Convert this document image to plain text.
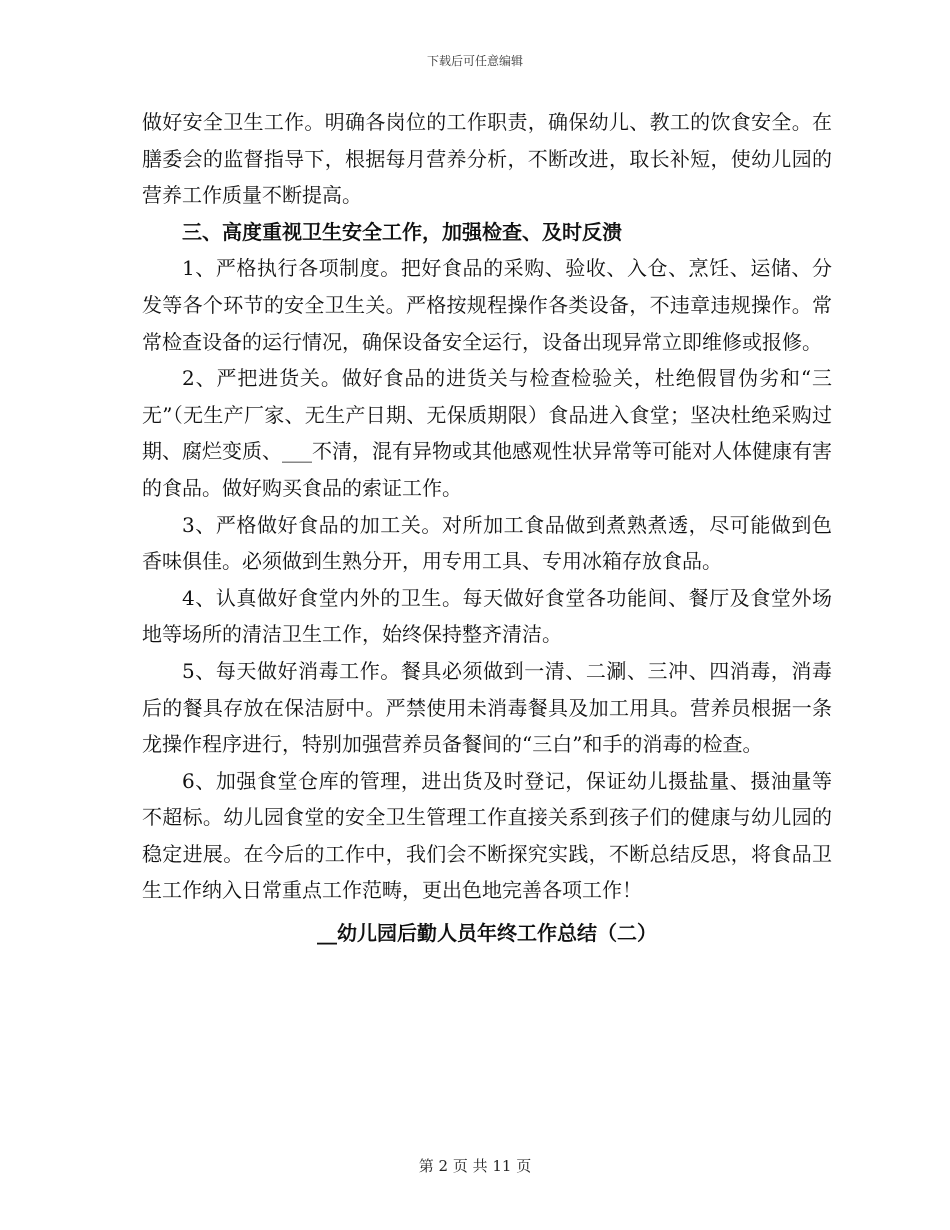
下载后可任意编辑

做好安全卫生工作。明确各岗位的工作职责，确保幼儿、教工的饮食安全。在膳委会的监督指导下，根据每月营养分析，不断改进，取长补短，使幼儿园的营养工作质量不断提高。

三、高度重视卫生安全工作，加强检查、及时反溃

1、严格执行各项制度。把好食品的采购、验收、入仓、烹饪、运储、分发等各个环节的安全卫生关。严格按规程操作各类设备，不违章违规操作。常常检查设备的运行情况，确保设备安全运行，设备出现异常立即维修或报修。

2、严把进货关。做好食品的进货关与检查检验关，杜绝假冒伪劣和“三无”（无生产厂家、无生产日期、无保质期限）食品进入食堂；坚决杜绝采购过期、腐烂变质、___不清，混有异物或其他感观性状异常等可能对人体健康有害的食品。做好购买食品的索证工作。

3、严格做好食品的加工关。对所加工食品做到煮熟煮透，尽可能做到色香味俱佳。必须做到生熟分开，用专用工具、专用冰箱存放食品。

4、认真做好食堂内外的卫生。每天做好食堂各功能间、餐厅及食堂外场地等场所的清洁卫生工作，始终保持整齐清洁。

5、每天做好消毒工作。餐具必须做到一清、二涮、三冲、四消毒，消毒后的餐具存放在保洁厨中。严禁使用未消毒餐具及加工用具。营养员根据一条龙操作程序进行，特别加强营养员备餐间的“三白”和手的消毒的检查。

6、加强食堂仓库的管理，进出货及时登记，保证幼儿摄盐量、摄油量等不超标。幼儿园食堂的安全卫生管理工作直接关系到孩子们的健康与幼儿园的稳定进展。在今后的工作中，我们会不断探究实践，不断总结反思，将食品卫生工作纳入日常重点工作范畴，更出色地完善各项工作！

__幼儿园后勤人员年终工作总结（二）

第 2 页 共 11 页
